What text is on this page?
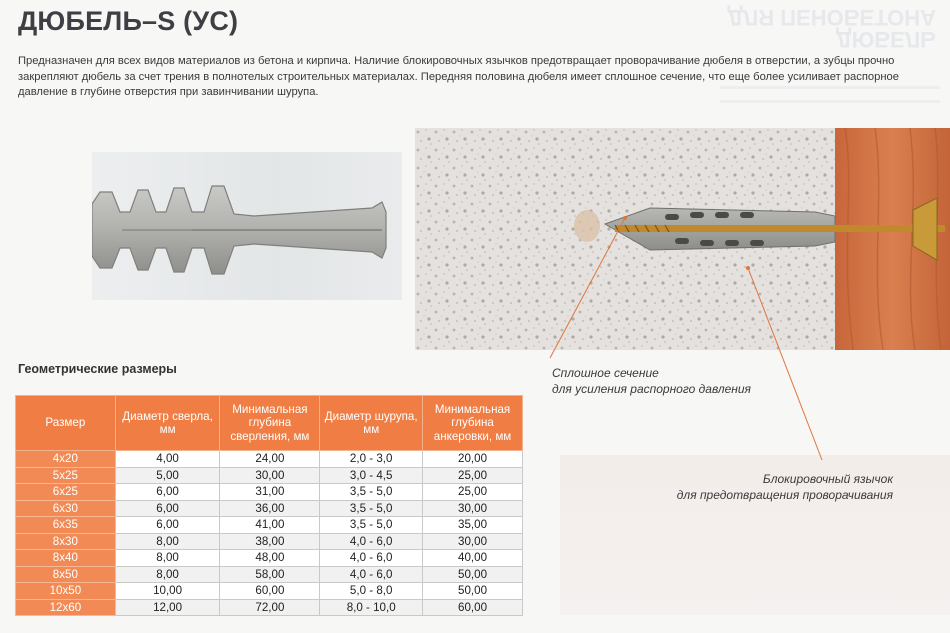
ДЮБЕЛЬ
ДЛЯ ПЕНОБЕТОНА
ДЮБЕЛЬ–S (УС)

Предназначен для всех видов материалов из бетона и кирпича. Наличие блокировочных язычков предотвращает проворачивание дюбеля в отверстии, а зубцы прочно закрепляют дюбель за счет трения в полнотелых строительных материалах. Передняя половина дюбеля имеет сплошное сечение, что еще более усиливает распорное давление в глубине отверстия при завинчивании шурупа.

Сплошное сечение
для усиления распорного давления
Блокировочный язычок
для предотвращения проворачивания
Геометрические размеры
Размер	Диаметр сверла, мм	Минимальная глубина сверления, мм	Диаметр шурупа, мм	Минимальная глубина анкеровки, мм
4x20	4,00	24,00	2,0 - 3,0	20,00
5x25	5,00	30,00	3,0 - 4,5	25,00
6x25	6,00	31,00	3,5 - 5,0	25,00
6x30	6,00	36,00	3,5 - 5,0	30,00
6x35	6,00	41,00	3,5 - 5,0	35,00
8x30	8,00	38,00	4,0 - 6,0	30,00
8x40	8,00	48,00	4,0 - 6,0	40,00
8x50	8,00	58,00	4,0 - 6,0	50,00
10x50	10,00	60,00	5,0 - 8,0	50,00
12x60	12,00	72,00	8,0 - 10,0	60,00
